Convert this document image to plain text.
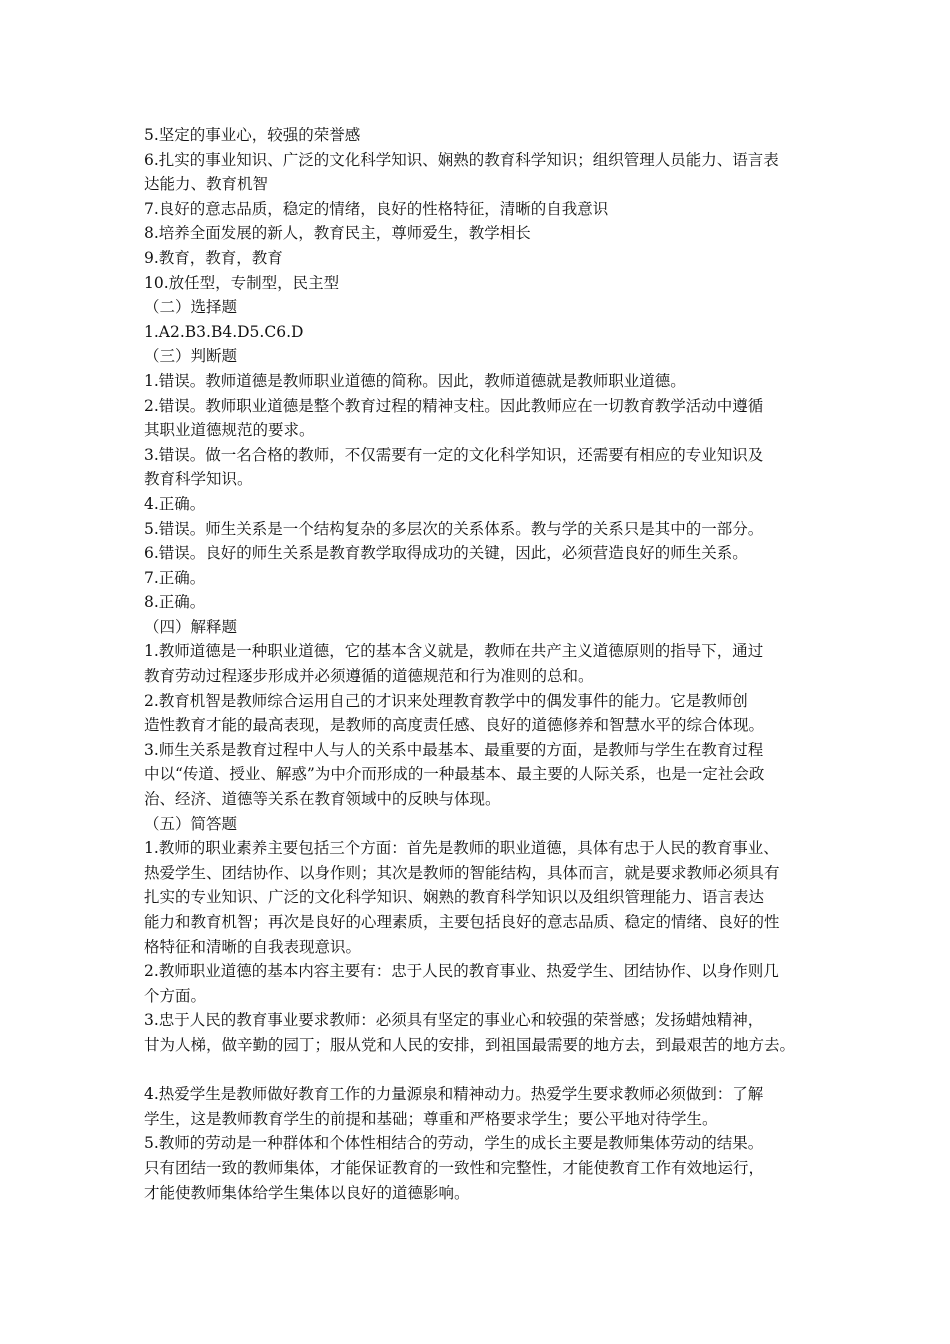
5.坚定的事业心，较强的荣誉感
6.扎实的事业知识、广泛的文化科学知识、娴熟的教育科学知识；组织管理人员能力、语言表
达能力、教育机智
7.良好的意志品质，稳定的情绪，良好的性格特征，清晰的自我意识
8.培养全面发展的新人，教育民主，尊师爱生，教学相长
9.教育，教育，教育
10.放任型，专制型，民主型
（二）选择题
1.A2.B3.B4.D5.C6.D
（三）判断题
1.错误。教师道德是教师职业道德的简称。因此，教师道德就是教师职业道德。
2.错误。教师职业道德是整个教育过程的精神支柱。因此教师应在一切教育教学活动中遵循
其职业道德规范的要求。
3.错误。做一名合格的教师，不仅需要有一定的文化科学知识，还需要有相应的专业知识及
教育科学知识。
4.正确。
5.错误。师生关系是一个结构复杂的多层次的关系体系。教与学的关系只是其中的一部分。
6.错误。良好的师生关系是教育教学取得成功的关键，因此，必须营造良好的师生关系。
7.正确。
8.正确。
（四）解释题
1.教师道德是一种职业道德，它的基本含义就是，教师在共产主义道德原则的指导下，通过
教育劳动过程逐步形成并必须遵循的道德规范和行为准则的总和。
2.教育机智是教师综合运用自己的才识来处理教育教学中的偶发事件的能力。它是教师创
造性教育才能的最高表现，是教师的高度责任感、良好的道德修养和智慧水平的综合体现。
3.师生关系是教育过程中人与人的关系中最基本、最重要的方面，是教师与学生在教育过程
中以“传道、授业、解惑”为中介而形成的一种最基本、最主要的人际关系，也是一定社会政
治、经济、道德等关系在教育领域中的反映与体现。
（五）简答题
1.教师的职业素养主要包括三个方面：首先是教师的职业道德，具体有忠于人民的教育事业、
热爱学生、团结协作、以身作则；其次是教师的智能结构，具体而言，就是要求教师必须具有
扎实的专业知识、广泛的文化科学知识、娴熟的教育科学知识以及组织管理能力、语言表达
能力和教育机智；再次是良好的心理素质，主要包括良好的意志品质、稳定的情绪、良好的性
格特征和清晰的自我表现意识。
2.教师职业道德的基本内容主要有：忠于人民的教育事业、热爱学生、团结协作、以身作则几
个方面。
3.忠于人民的教育事业要求教师：必须具有坚定的事业心和较强的荣誉感；发扬蜡烛精神，
甘为人梯，做辛勤的园丁；服从党和人民的安排，到祖国最需要的地方去，到最艰苦的地方去。
4.热爱学生是教师做好教育工作的力量源泉和精神动力。热爱学生要求教师必须做到：了解
学生，这是教师教育学生的前提和基础；尊重和严格要求学生；要公平地对待学生。
5.教师的劳动是一种群体和个体性相结合的劳动，学生的成长主要是教师集体劳动的结果。
只有团结一致的教师集体，才能保证教育的一致性和完整性，才能使教育工作有效地运行，
才能使教师集体给学生集体以良好的道德影响。
